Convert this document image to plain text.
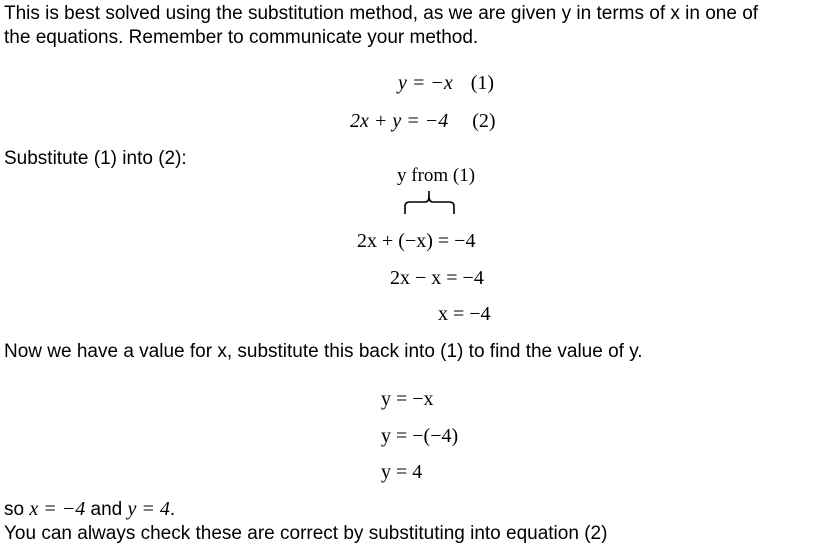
This is best solved using the substitution method, as we are given y in terms of x in one of
the equations. Remember to communicate your method.
y = −x (1)
2x + y = −4 (2)
Substitute (1) into (2):
y from (1)
2x + (−x) = −4
2x − x = −4
x = −4
Now we have a value for x, substitute this back into (1) to find the value of y.
y = −x
y = −(−4)
y = 4
so x = −4 and y = 4.
You can always check these are correct by substituting into equation (2)
